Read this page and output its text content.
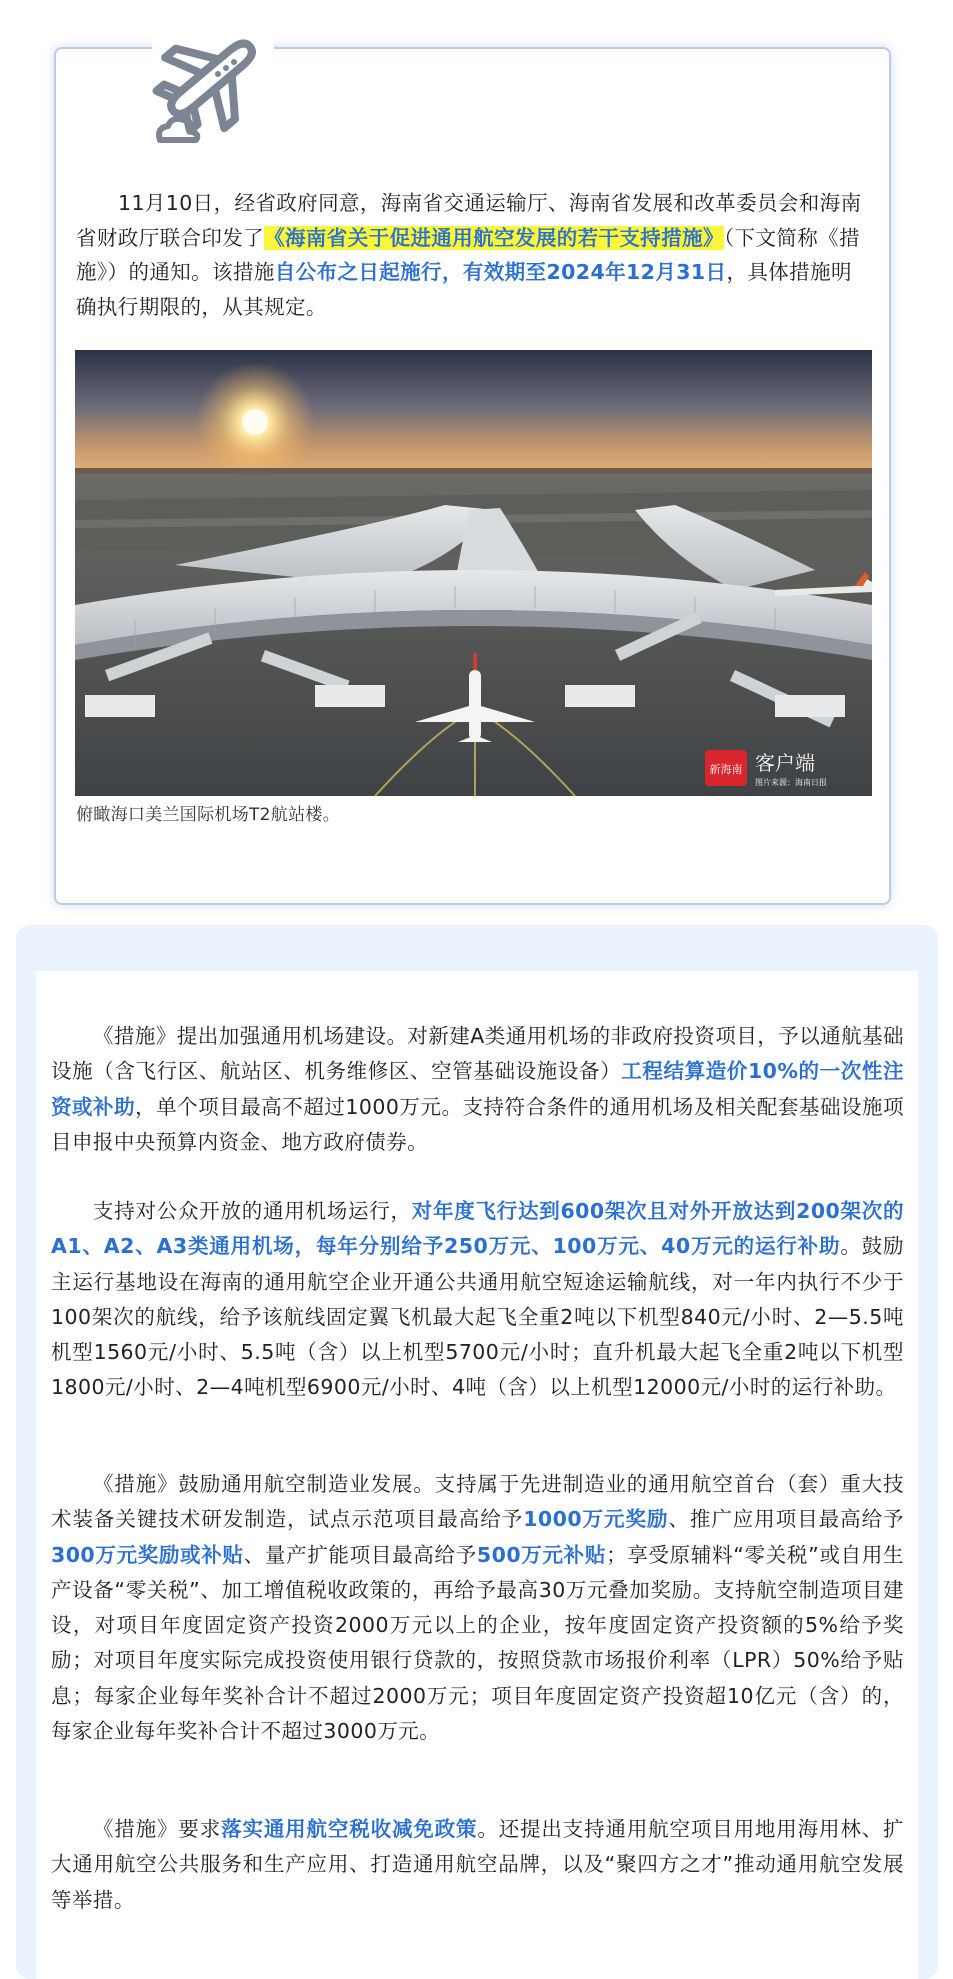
11月10日，经省政府同意，海南省交通运输厅、海南省发展和改革委员会和海南省财政厅联合印发了《海南省关于促进通用航空发展的若干支持措施》（下文简称《措施》）的通知。该措施自公布之日起施行，有效期至2024年12月31日，具体措施明确执行期限的，从其规定。

新海南 客户端
图片来源：海南日报
俯瞰海口美兰国际机场T2航站楼。

《措施》提出加强通用机场建设。对新建A类通用机场的非政府投资项目，予以通航基础设施（含飞行区、航站区、机务维修区、空管基础设施设备）工程结算造价10%的一次性注资或补助，单个项目最高不超过1000万元。支持符合条件的通用机场及相关配套基础设施项目申报中央预算内资金、地方政府债券。

支持对公众开放的通用机场运行，对年度飞行达到600架次且对外开放达到200架次的A1、A2、A3类通用机场，每年分别给予250万元、100万元、40万元的运行补助。鼓励主运行基地设在海南的通用航空企业开通公共通用航空短途运输航线，对一年内执行不少于100架次的航线，给予该航线固定翼飞机最大起飞全重2吨以下机型840元/小时、2—5.5吨机型1560元/小时、5.5吨（含）以上机型5700元/小时；直升机最大起飞全重2吨以下机型1800元/小时、2—4吨机型6900元/小时、4吨（含）以上机型12000元/小时的运行补助。

《措施》鼓励通用航空制造业发展。支持属于先进制造业的通用航空首台（套）重大技术装备关键技术研发制造，试点示范项目最高给予1000万元奖励、推广应用项目最高给予300万元奖励或补贴、量产扩能项目最高给予500万元补贴；享受原辅料“零关税”或自用生产设备“零关税”、加工增值税收政策的，再给予最高30万元叠加奖励。支持航空制造项目建设，对项目年度固定资产投资2000万元以上的企业，按年度固定资产投资额的5%给予奖励；对项目年度实际完成投资使用银行贷款的，按照贷款市场报价利率（LPR）50%给予贴息；每家企业每年奖补合计不超过2000万元；项目年度固定资产投资超10亿元（含）的，每家企业每年奖补合计不超过3000万元。

《措施》要求落实通用航空税收减免政策。还提出支持通用航空项目用地用海用林、扩大通用航空公共服务和生产应用、打造通用航空品牌，以及“聚四方之才”推动通用航空发展等举措。
